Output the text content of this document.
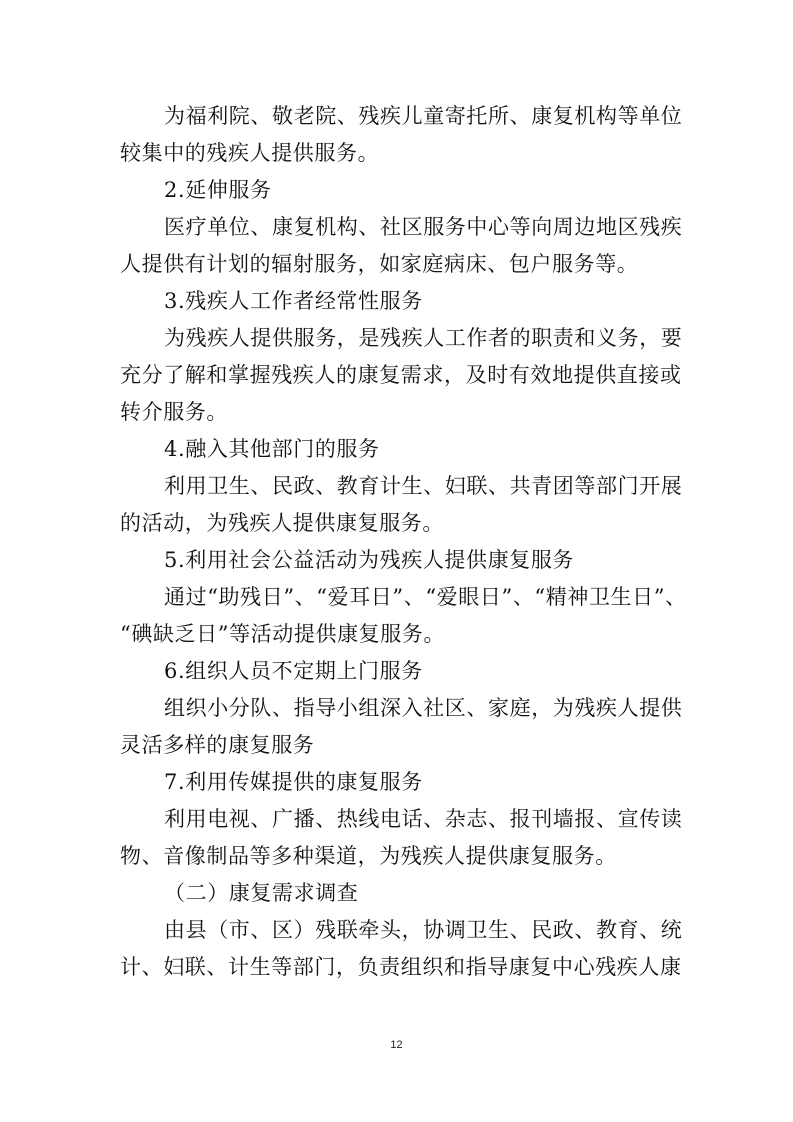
为福利院、敬老院、残疾儿童寄托所、康复机构等单位
较集中的残疾人提供服务。
2.延伸服务
医疗单位、康复机构、社区服务中心等向周边地区残疾
人提供有计划的辐射服务，如家庭病床、包户服务等。
3.残疾人工作者经常性服务
为残疾人提供服务，是残疾人工作者的职责和义务，要
充分了解和掌握残疾人的康复需求，及时有效地提供直接或
转介服务。
4.融入其他部门的服务
利用卫生、民政、教育计生、妇联、共青团等部门开展
的活动，为残疾人提供康复服务。
5.利用社会公益活动为残疾人提供康复服务
通过“助残日”、“爱耳日”、“爱眼日”、“精神卫生日”、
“碘缺乏日”等活动提供康复服务。
6.组织人员不定期上门服务
组织小分队、指导小组深入社区、家庭，为残疾人提供
灵活多样的康复服务
7.利用传媒提供的康复服务
利用电视、广播、热线电话、杂志、报刊墙报、宣传读
物、音像制品等多种渠道，为残疾人提供康复服务。
（二）康复需求调查
由县（市、区）残联牵头，协调卫生、民政、教育、统
计、妇联、计生等部门，负责组织和指导康复中心残疾人康
12
